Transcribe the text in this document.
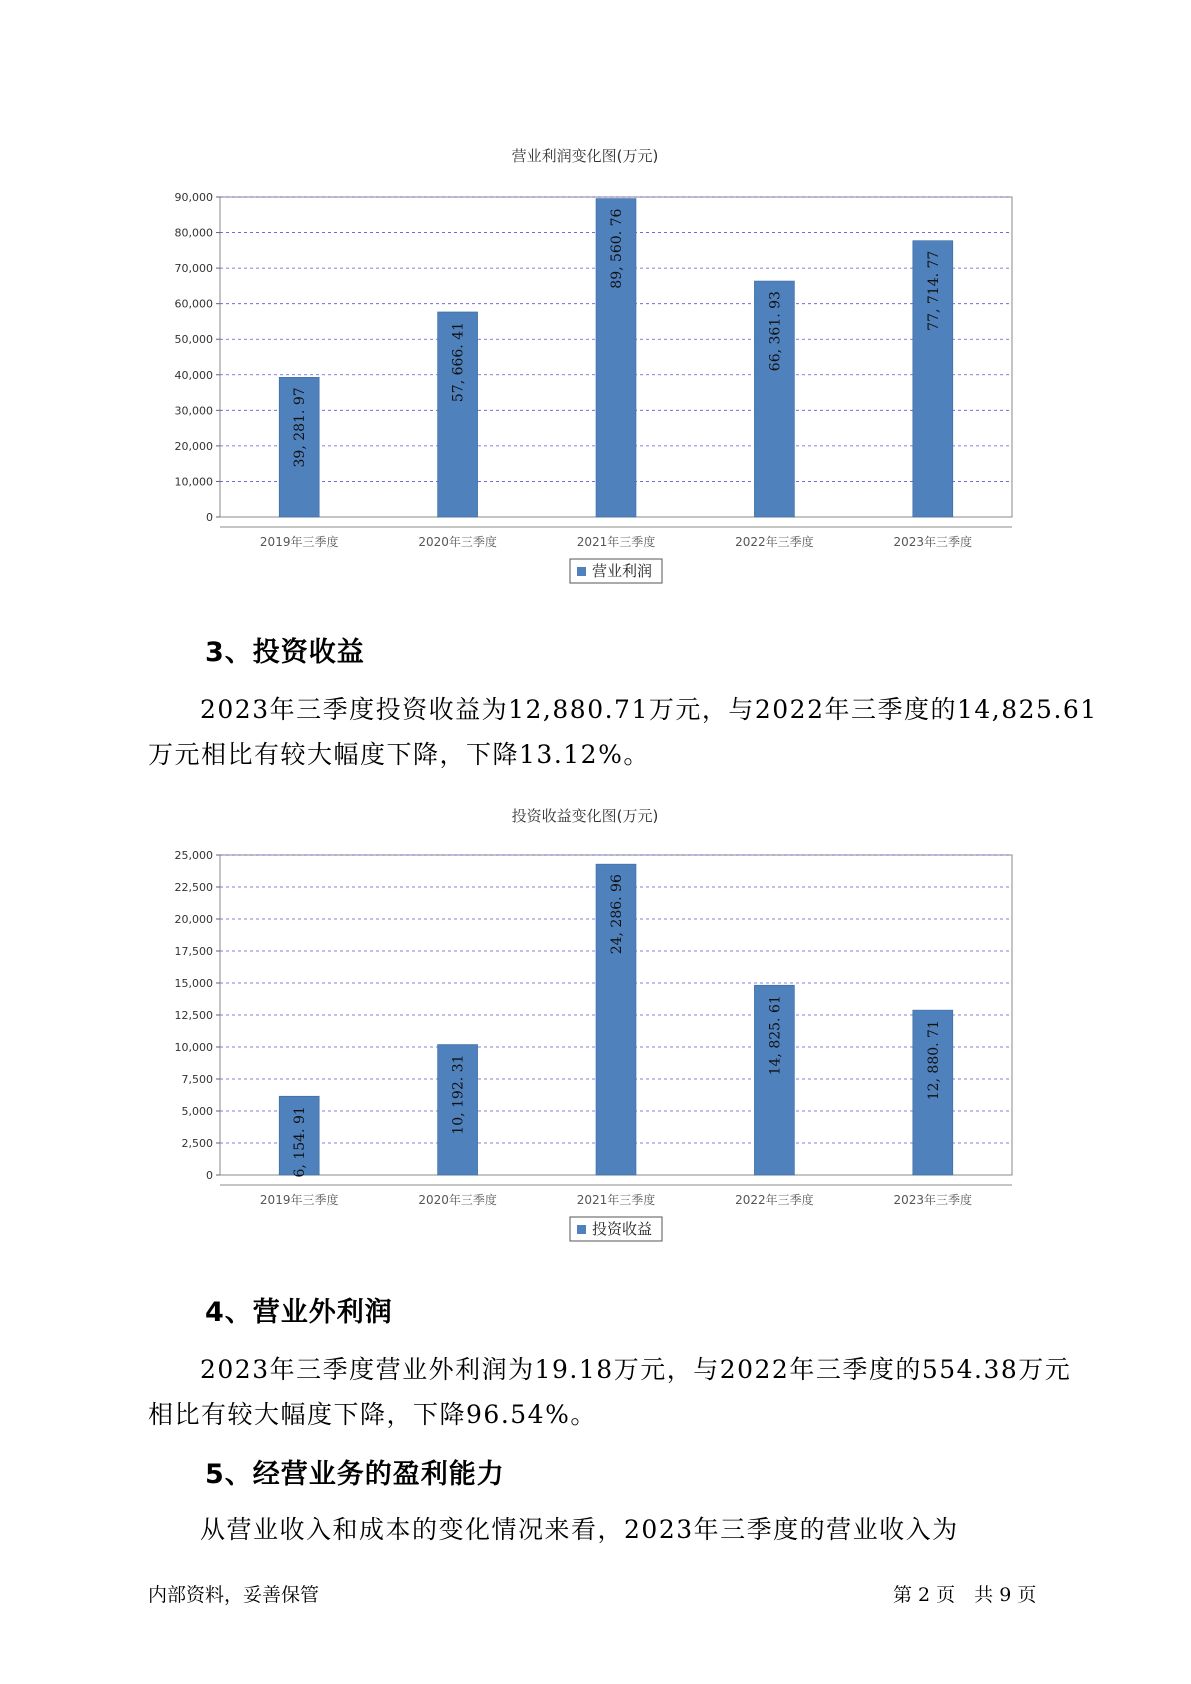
营业利润变化图(万元)
0
10,000
20,000
30,000
40,000
50,000
60,000
70,000
80,000
90,000
39, 281. 97
2019年三季度
57, 666. 41
2020年三季度
89, 560. 76
2021年三季度
66, 361. 93
2022年三季度
77, 714. 77
2023年三季度
营业利润
3、投资收益
2023年三季度投资收益为12,880.71万元，与2022年三季度的14,825.61
万元相比有较大幅度下降，下降13.12%。
投资收益变化图(万元)
0
2,500
5,000
7,500
10,000
12,500
15,000
17,500
20,000
22,500
25,000
6, 154. 91
2019年三季度
10, 192. 31
2020年三季度
24, 286. 96
2021年三季度
14, 825. 61
2022年三季度
12, 880. 71
2023年三季度
投资收益
4、营业外利润
2023年三季度营业外利润为19.18万元，与2022年三季度的554.38万元
相比有较大幅度下降，下降96.54%。
5、经营业务的盈利能力
从营业收入和成本的变化情况来看，2023年三季度的营业收入为
内部资料，妥善保管	第 2 页　共 9 页
